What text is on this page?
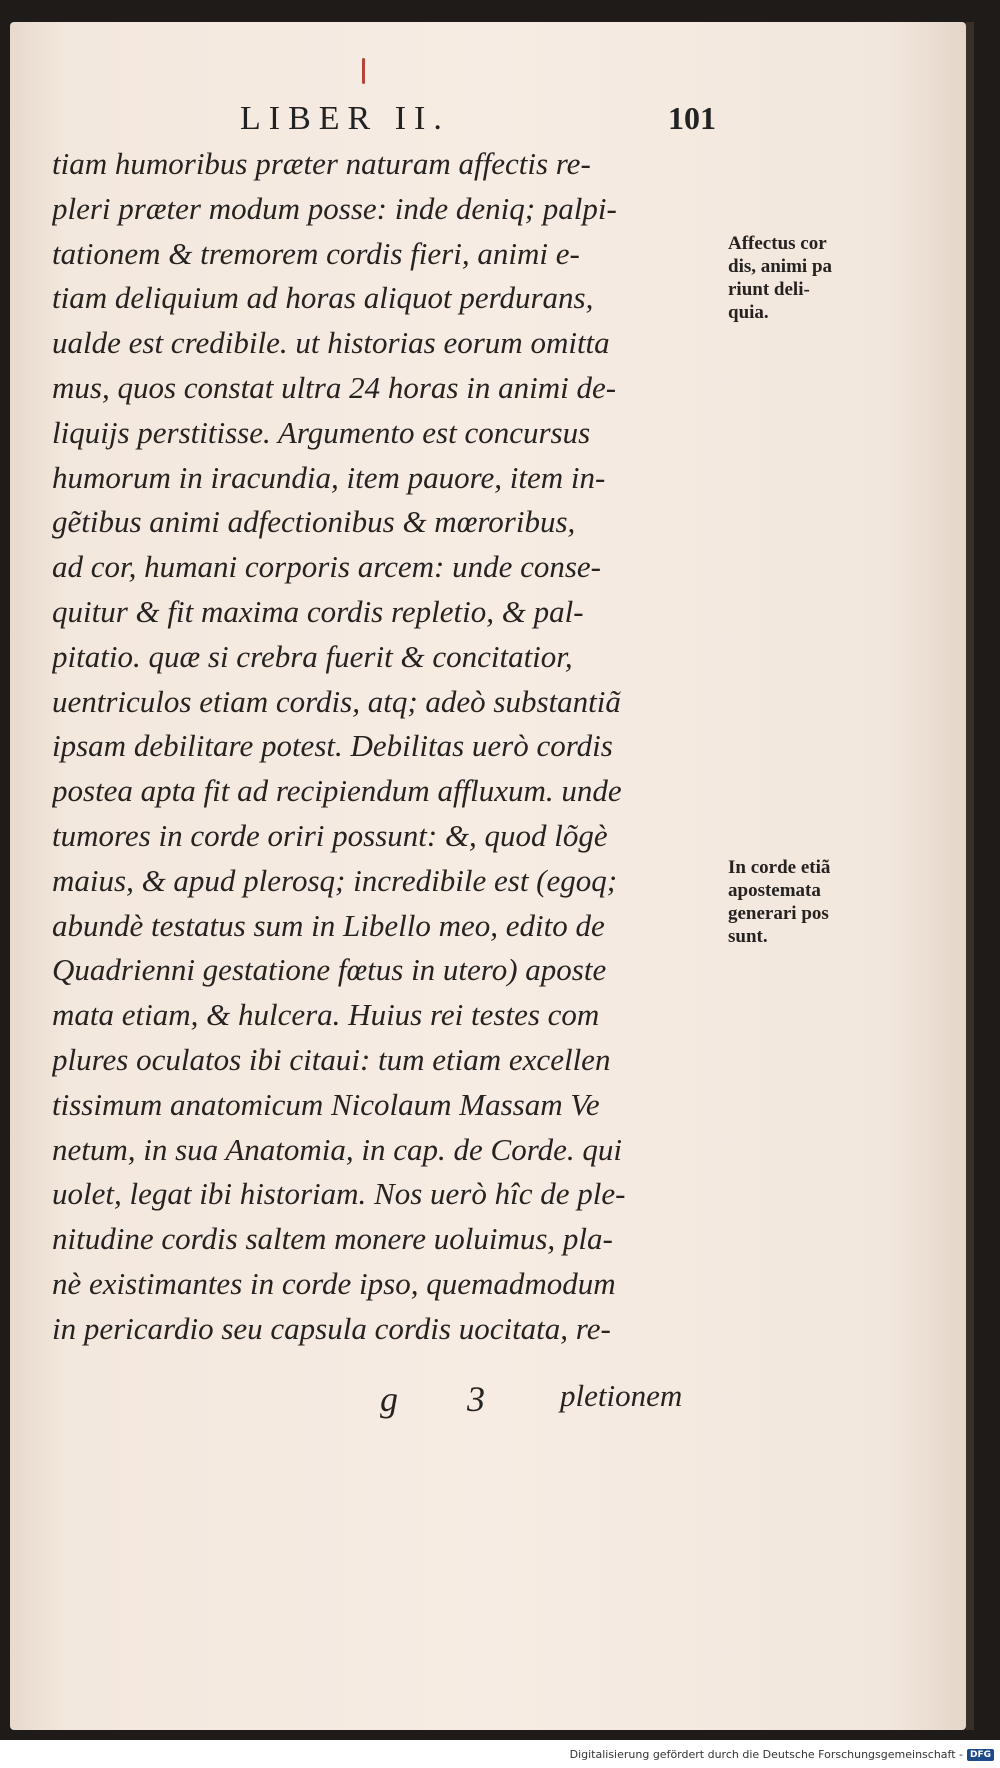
LIBER II.	101
tiam humoribus præter naturam affectis re-
pleri præter modum posse: inde deniq; palpi-
tationem & tremorem cordis fieri, animi e-
tiam deliquium ad horas aliquot perdurans,
ualde est credibile. ut historias eorum omitta
mus, quos constat ultra 24 horas in animi de-
liquijs perstitisse. Argumento est concursus
humorum in iracundia, item pauore, item in-
gẽtibus animi adfectionibus & mœroribus,
ad cor, humani corporis arcem: unde conse-
quitur & fit maxima cordis repletio, & pal-
pitatio. quæ si crebra fuerit & concitatior,
uentriculos etiam cordis, atq; adeò substantiã
ipsam debilitare potest. Debilitas uerò cordis
postea apta fit ad recipiendum affluxum. unde
tumores in corde oriri possunt: &, quod lõgè
maius, & apud plerosq; incredibile est (egoq;
abundè testatus sum in Libello meo, edito de
Quadrienni gestatione fœtus in utero) aposte
mata etiam, & hulcera. Huius rei testes com
plures oculatos ibi citaui: tum etiam excellen
tissimum anatomicum Nicolaum Massam Ve
netum, in sua Anatomia, in cap. de Corde. qui
uolet, legat ibi historiam. Nos uerò hîc de ple-
nitudine cordis saltem monere uoluimus, pla-
nè existimantes in corde ipso, quemadmodum
in pericardio seu capsula cordis uocitata, re-
Affectus cor
dis, animi pa
riunt deli-
quia.
In corde etiã
apostemata
generari pos
sunt.
g 3 pletionem
Digitalisierung gefördert durch die Deutsche Forschungsgemeinschaft - DFG
